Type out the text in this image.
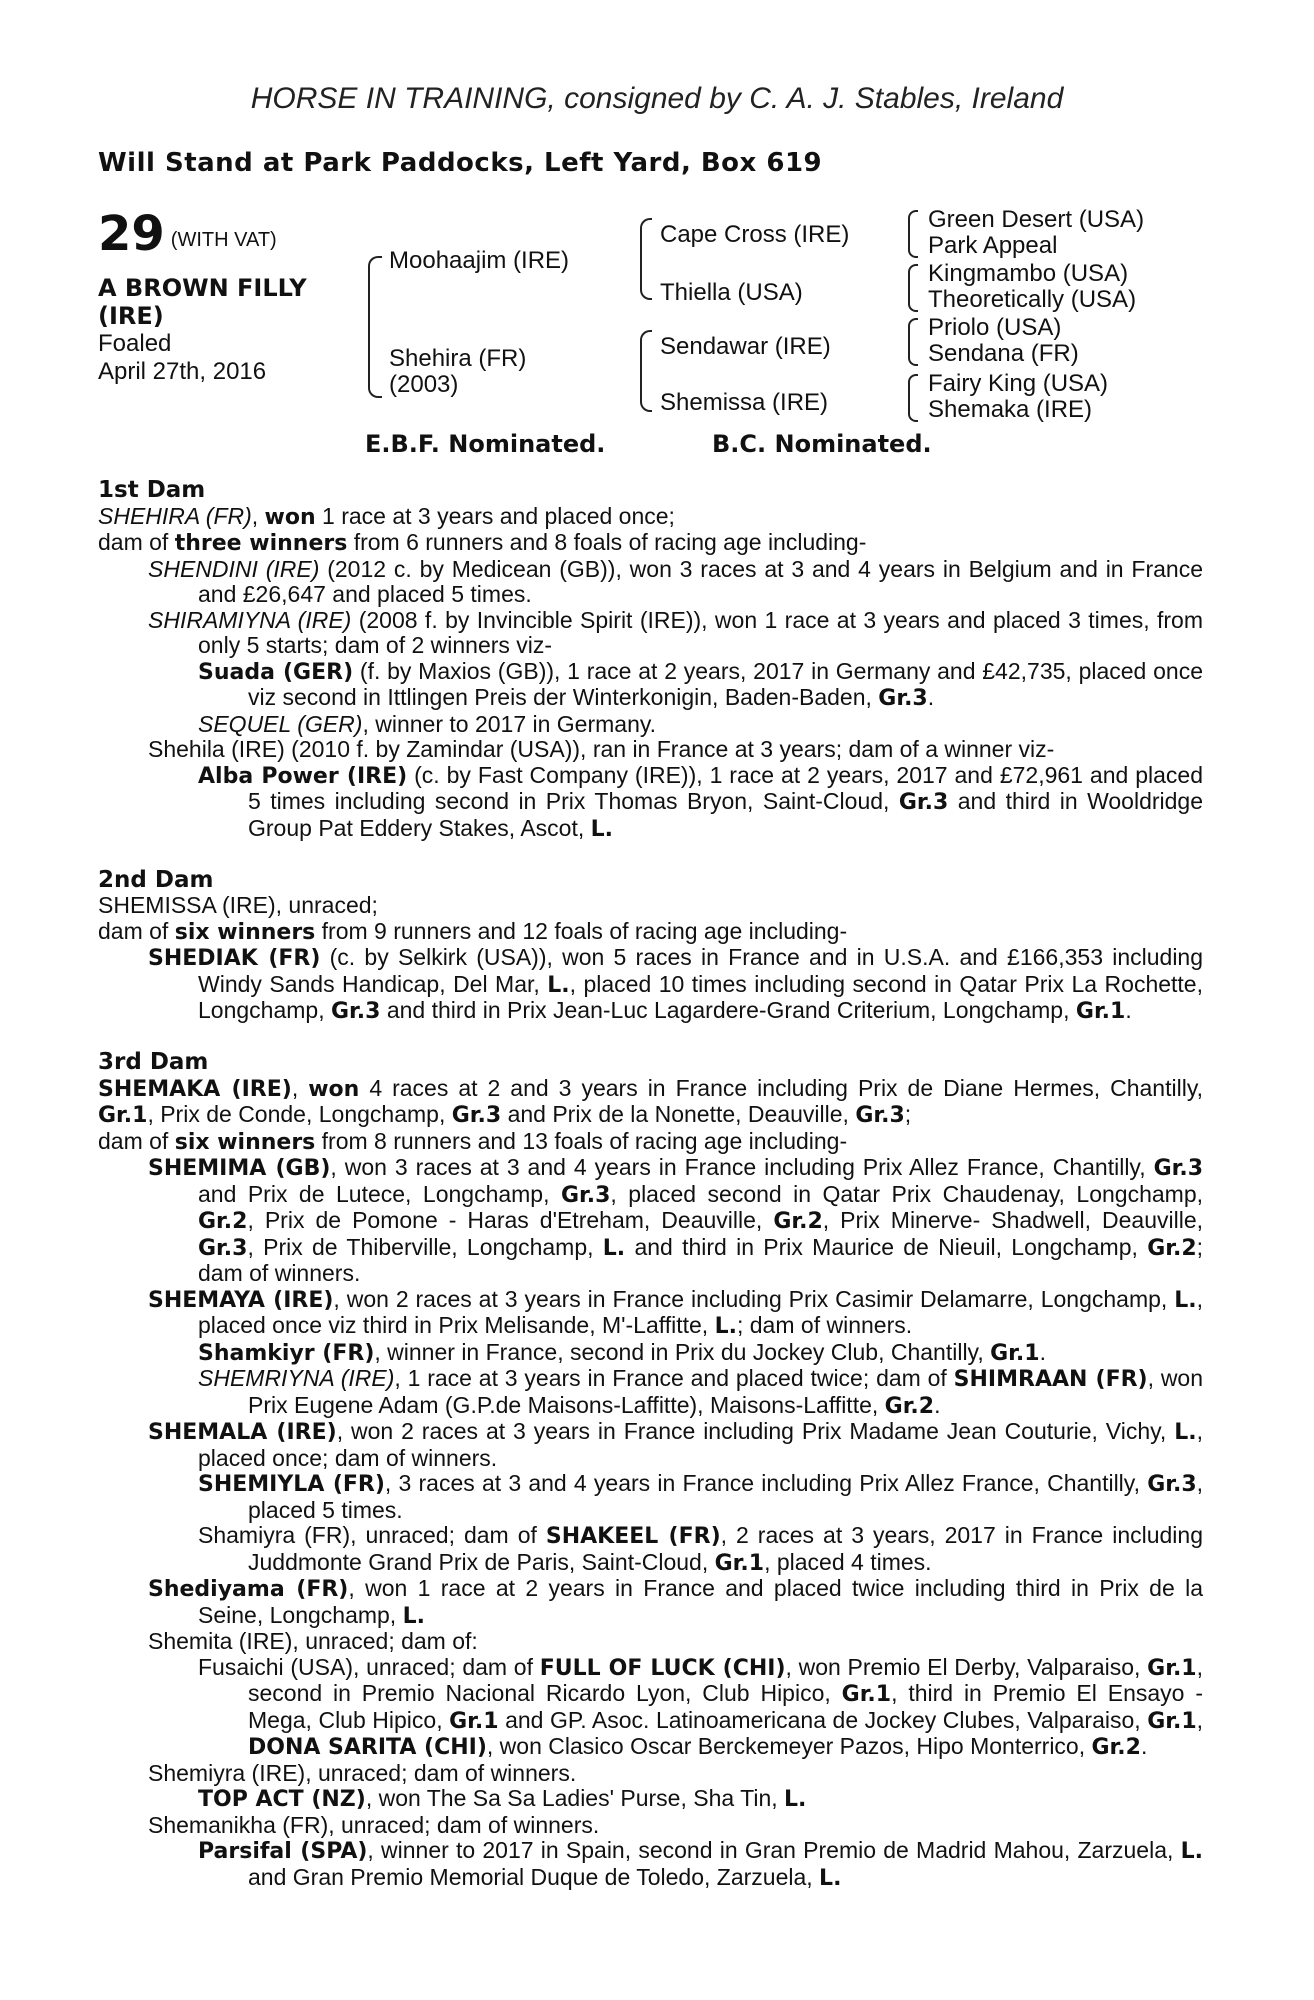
HORSE IN TRAINING, consigned by C. A. J. Stables, Ireland
Will Stand at Park Paddocks, Left Yard, Box 619
29 (WITH VAT)
A BROWN FILLY
(IRE)
Foaled
April 27th, 2016
Moohaajim (IRE)
Shehira (FR)
(2003)
Cape Cross (IRE)
Thiella (USA)
Sendawar (IRE)
Shemissa (IRE)
Green Desert (USA)
Park Appeal
Kingmambo (USA)
Theoretically (USA)
Priolo (USA)
Sendana (FR)
Fairy King (USA)
Shemaka (IRE)
E.B.F. Nominated.	B.C. Nominated.
1st Dam
SHEHIRA (FR), won 1 race at 3 years and placed once;
dam of three winners from 6 runners and 8 foals of racing age including-
SHENDINI (IRE) (2012 c. by Medicean (GB)), won 3 races at 3 and 4 years in Belgium and in France and £26,647 and placed 5 times.
SHIRAMIYNA (IRE) (2008 f. by Invincible Spirit (IRE)), won 1 race at 3 years and placed 3 times, from only 5 starts; dam of 2 winners viz-
Suada (GER) (f. by Maxios (GB)), 1 race at 2 years, 2017 in Germany and £42,735, placed once viz second in Ittlingen Preis der Winterkonigin, Baden-Baden, Gr.3.
SEQUEL (GER), winner to 2017 in Germany.
Shehila (IRE) (2010 f. by Zamindar (USA)), ran in France at 3 years; dam of a winner viz-
Alba Power (IRE) (c. by Fast Company (IRE)), 1 race at 2 years, 2017 and £72,961 and placed 5 times including second in Prix Thomas Bryon, Saint-Cloud, Gr.3 and third in Wooldridge Group Pat Eddery Stakes, Ascot, L.
2nd Dam
SHEMISSA (IRE), unraced;
dam of six winners from 9 runners and 12 foals of racing age including-
SHEDIAK (FR) (c. by Selkirk (USA)), won 5 races in France and in U.S.A. and £166,353 including Windy Sands Handicap, Del Mar, L., placed 10 times including second in Qatar Prix La Rochette, Longchamp, Gr.3 and third in Prix Jean-Luc Lagardere-Grand Criterium, Longchamp, Gr.1.
3rd Dam
SHEMAKA (IRE), won 4 races at 2 and 3 years in France including Prix de Diane Hermes, Chantilly, Gr.1, Prix de Conde, Longchamp, Gr.3 and Prix de la Nonette, Deauville, Gr.3;
dam of six winners from 8 runners and 13 foals of racing age including-
SHEMIMA (GB), won 3 races at 3 and 4 years in France including Prix Allez France, Chantilly, Gr.3 and Prix de Lutece, Longchamp, Gr.3, placed second in Qatar Prix Chaudenay, Longchamp, Gr.2, Prix de Pomone - Haras d'Etreham, Deauville, Gr.2, Prix Minerve- Shadwell, Deauville, Gr.3, Prix de Thiberville, Longchamp, L. and third in Prix Maurice de Nieuil, Longchamp, Gr.2; dam of winners.
SHEMAYA (IRE), won 2 races at 3 years in France including Prix Casimir Delamarre, Longchamp, L., placed once viz third in Prix Melisande, M'-Laffitte, L.; dam of winners.
Shamkiyr (FR), winner in France, second in Prix du Jockey Club, Chantilly, Gr.1.
SHEMRIYNA (IRE), 1 race at 3 years in France and placed twice; dam of SHIMRAAN (FR), won Prix Eugene Adam (G.P.de Maisons-Laffitte), Maisons-Laffitte, Gr.2.
SHEMALA (IRE), won 2 races at 3 years in France including Prix Madame Jean Couturie, Vichy, L., placed once; dam of winners.
SHEMIYLA (FR), 3 races at 3 and 4 years in France including Prix Allez France, Chantilly, Gr.3, placed 5 times.
Shamiyra (FR), unraced; dam of SHAKEEL (FR), 2 races at 3 years, 2017 in France including Juddmonte Grand Prix de Paris, Saint-Cloud, Gr.1, placed 4 times.
Shediyama (FR), won 1 race at 2 years in France and placed twice including third in Prix de la Seine, Longchamp, L.
Shemita (IRE), unraced; dam of:
Fusaichi (USA), unraced; dam of FULL OF LUCK (CHI), won Premio El Derby, Valparaiso, Gr.1, second in Premio Nacional Ricardo Lyon, Club Hipico, Gr.1, third in Premio El Ensayo - Mega, Club Hipico, Gr.1 and GP. Asoc. Latinoamericana de Jockey Clubes, Valparaiso, Gr.1, DONA SARITA (CHI), won Clasico Oscar Berckemeyer Pazos, Hipo Monterrico, Gr.2.
Shemiyra (IRE), unraced; dam of winners.
TOP ACT (NZ), won The Sa Sa Ladies' Purse, Sha Tin, L.
Shemanikha (FR), unraced; dam of winners.
Parsifal (SPA), winner to 2017 in Spain, second in Gran Premio de Madrid Mahou, Zarzuela, L. and Gran Premio Memorial Duque de Toledo, Zarzuela, L.
